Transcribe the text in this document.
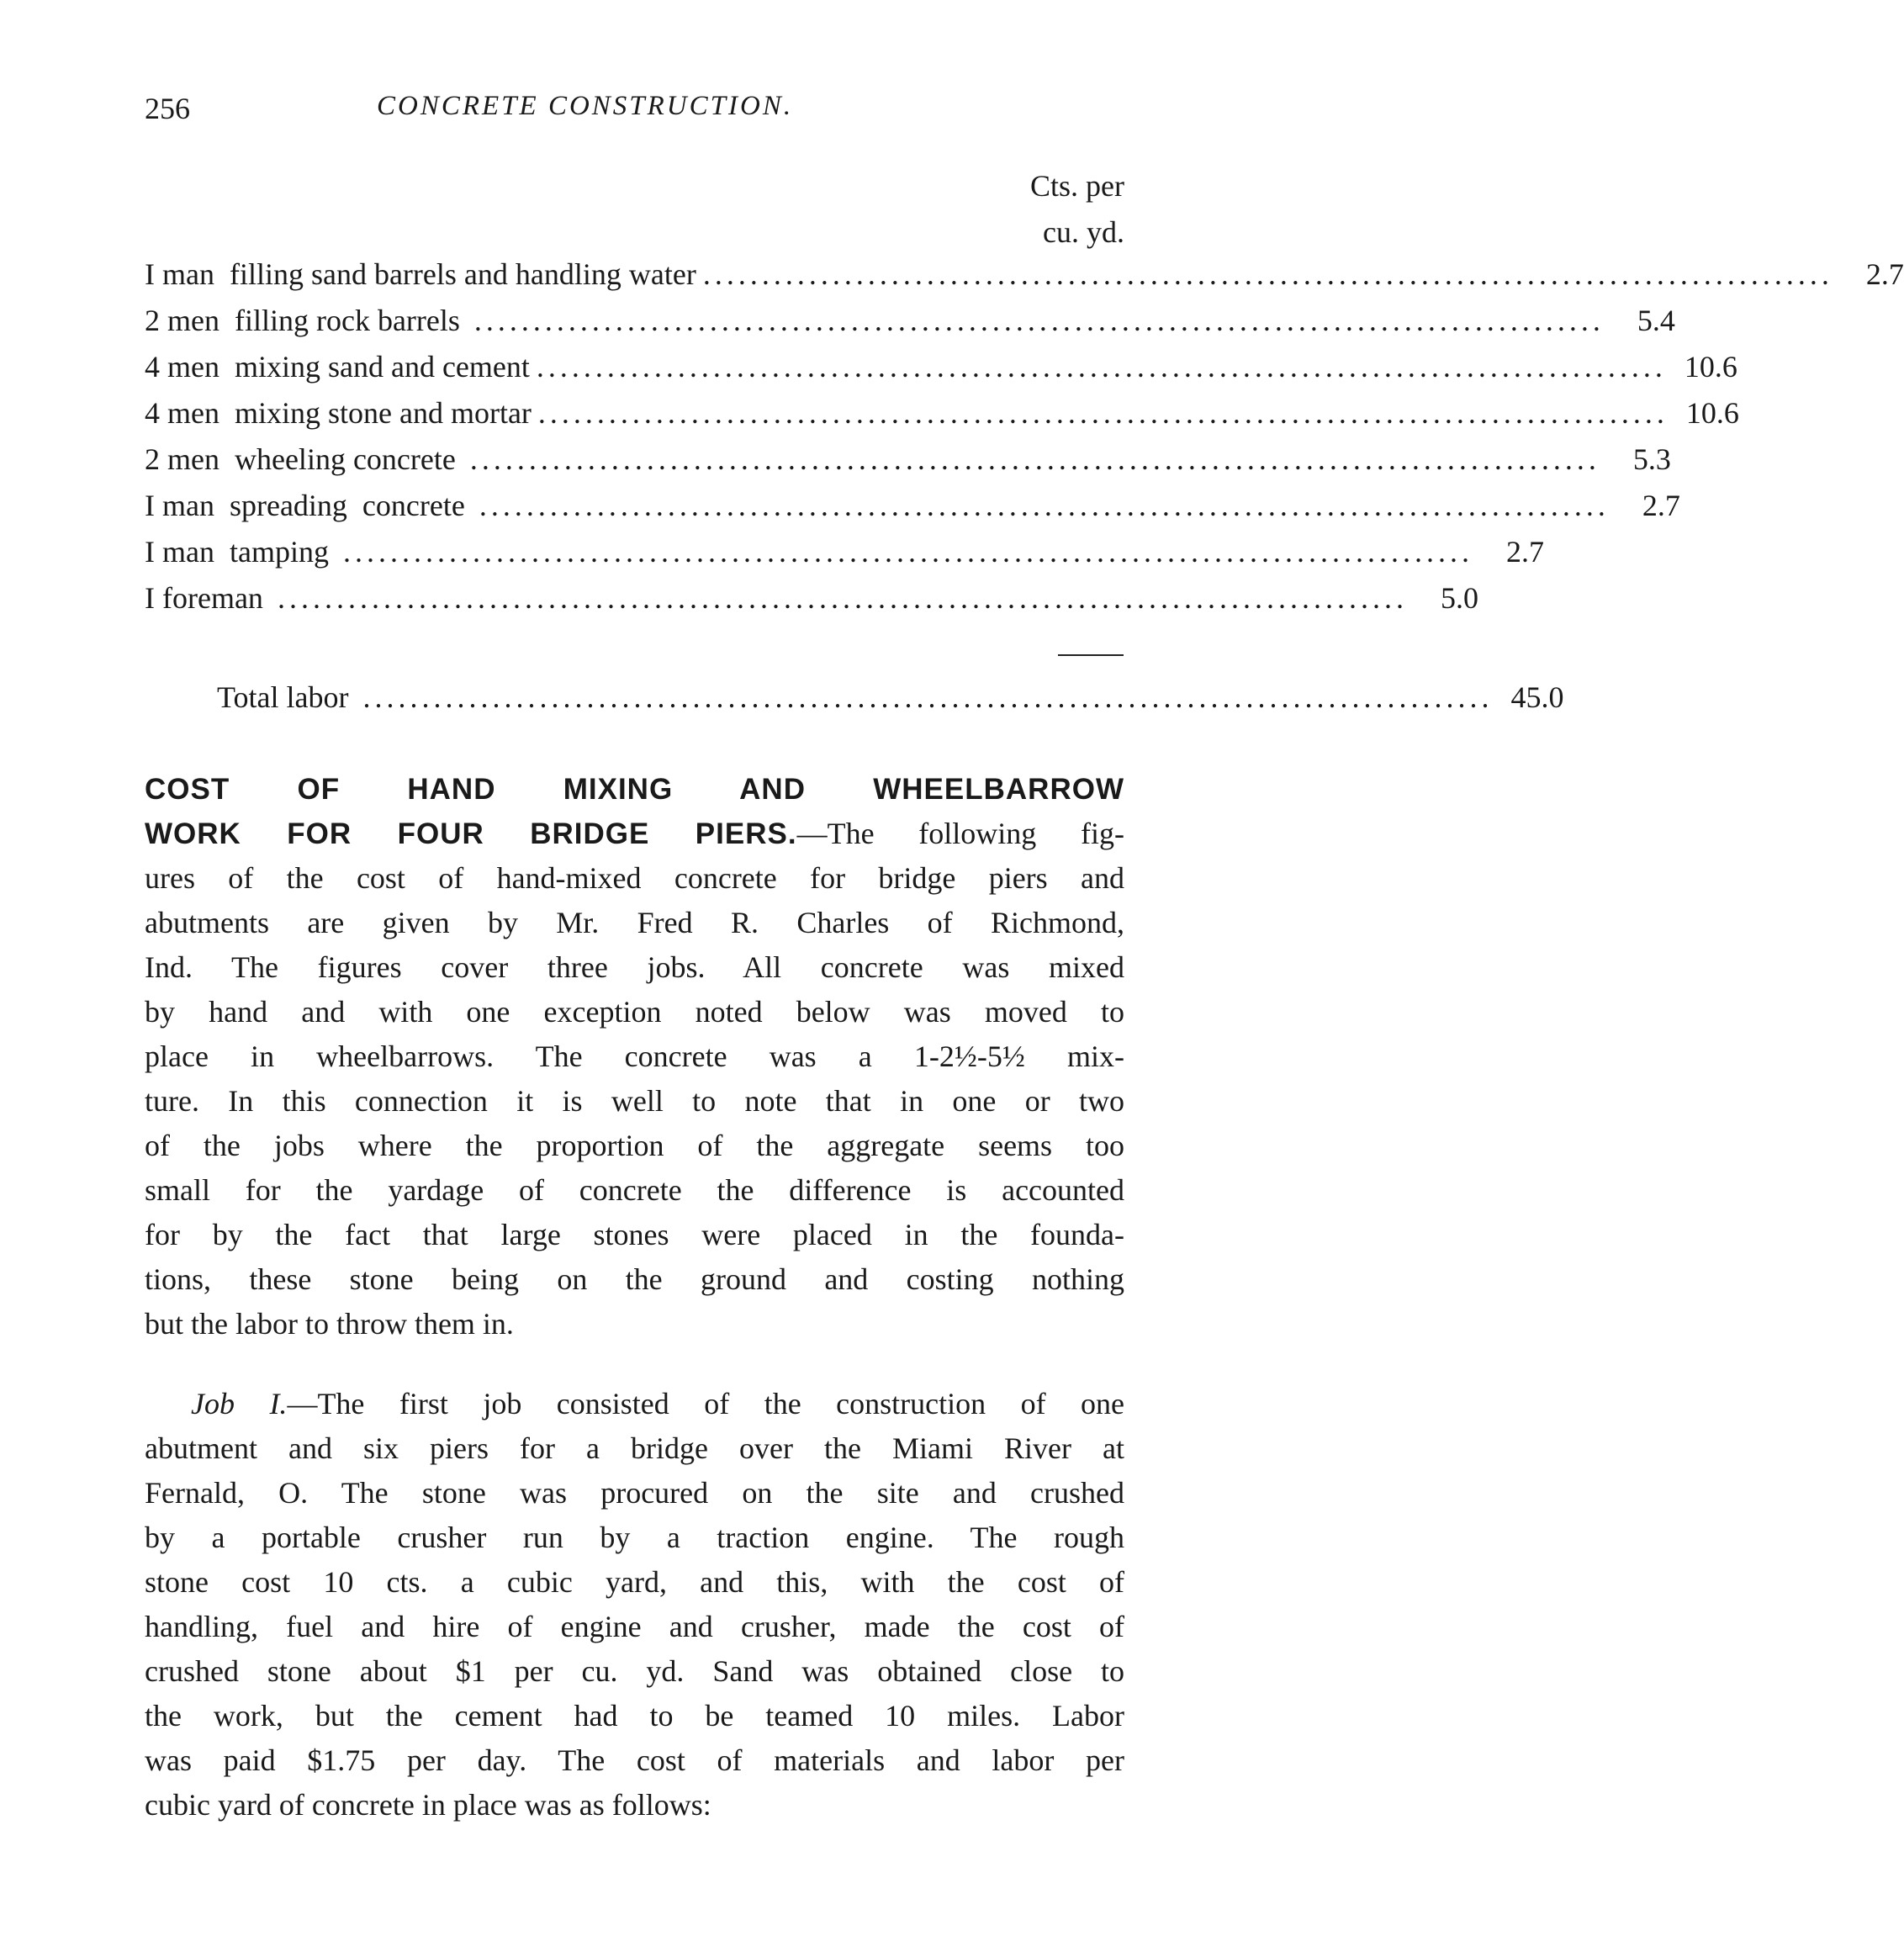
256	CONCRETE CONSTRUCTION.
Cts. per
cu. yd.
I man  filling sand barrels and handling water ................................................................................................	2.7
2 men  filling rock barrels ................................................................................................	5.4
4 men  mixing sand and cement ................................................................................................ 10.6
4 men  mixing stone and mortar ................................................................................................ 10.6
2 men  wheeling concrete ................................................................................................	5.3
I man  spreading  concrete ................................................................................................	2.7
I man  tamping ................................................................................................	2.7
I foreman ................................................................................................	5.0
Total labor ................................................................................................ 45.0
COST OF HAND MIXING AND WHEELBARROW
WORK FOR FOUR BRIDGE PIERS.—The following fig-
ures of the cost of hand-mixed concrete for bridge piers and
abutments are given by Mr. Fred R. Charles of Richmond,
Ind. The figures cover three jobs. All concrete was mixed
by hand and with one exception noted below was moved to
place in wheelbarrows. The concrete was a 1-2½-5½ mix-
ture. In this connection it is well to note that in one or two
of the jobs where the proportion of the aggregate seems too
small for the yardage of concrete the difference is accounted
for by the fact that large stones were placed in the founda-
tions, these stone being on the ground and costing nothing
but the labor to throw them in.
Job I.—The first job consisted of the construction of one
abutment and six piers for a bridge over the Miami River at
Fernald, O. The stone was procured on the site and crushed
by a portable crusher run by a traction engine. The rough
stone cost 10 cts. a cubic yard, and this, with the cost of
handling, fuel and hire of engine and crusher, made the cost of
crushed stone about $1 per cu. yd. Sand was obtained close to
the work, but the cement had to be teamed 10 miles. Labor
was paid $1.75 per day. The cost of materials and labor per
cubic yard of concrete in place was as follows:
